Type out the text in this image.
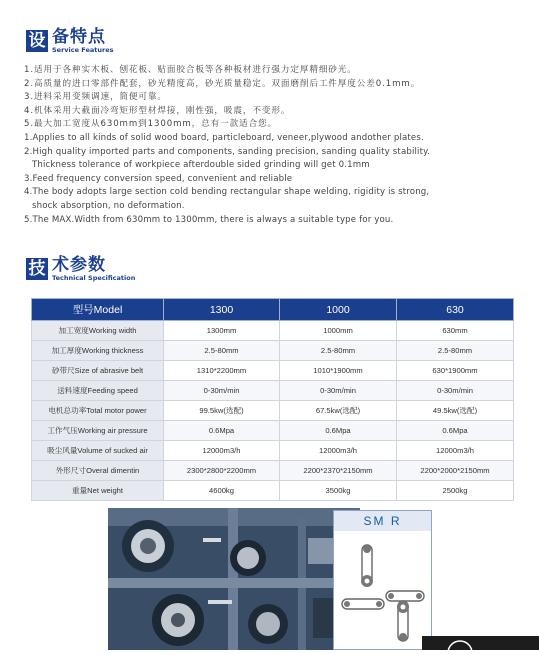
设 备特点
Service Features
1.适用于各种实木板、刨花板、贴面胶合板等各种板材进行强力定厚精细砂光。
2.高质量的进口零部件配套，砂光精度高，砂光质量稳定。双面磨削后工件厚度公差0.1mm。
3.进料采用变频调速，简便可靠。
4.机体采用大截面冷弯矩形型材焊接，刚性强，吸震，不变形。
5.最大加工宽度从630mm到1300mm，总有一款适合您。
1.Applies to all kinds of solid wood board, particleboard, veneer,plywood andother plates.
2.High quality imported parts and components, sanding precision, sanding quality stability.
Thickness tolerance of workpiece afterdouble sided grinding will get 0.1mm
3.Feed frequency conversion speed, convenient and reliable
4.The body adopts large section cold bending rectangular shape welding, rigidity is strong,
shock absorption, no deformation.
5.The MAX.Width from 630mm to 1300mm, there is always a suitable type for you.
技 术参数
Technical Specification
型号Model	1300	1000	630
加工宽度Working width	1300mm	1000mm	630mm
加工厚度Working thickness	2.5-80mm	2.5-80mm	2.5-80mm
砂带尺Size of abrasive belt	1310*2200mm	1010*1900mm	630*1900mm
送料速度Feeding speed	0-30m/min	0-30m/min	0-30m/min
电机总功率Total motor power	99.5kw(选配)	67.5kw(选配)	49.5kw(选配)
工作气压Working air pressure	0.6Mpa	0.6Mpa	0.6Mpa
吸尘风量Volume of sucked air	12000m3/h	12000m3/h	12000m3/h
外形尺寸Overal dimentin	2300*2800*2200mm	2200*2370*2150mm	2200*2000*2150mm
重量Net weight	4600kg	3500kg	2500kg
SM R
